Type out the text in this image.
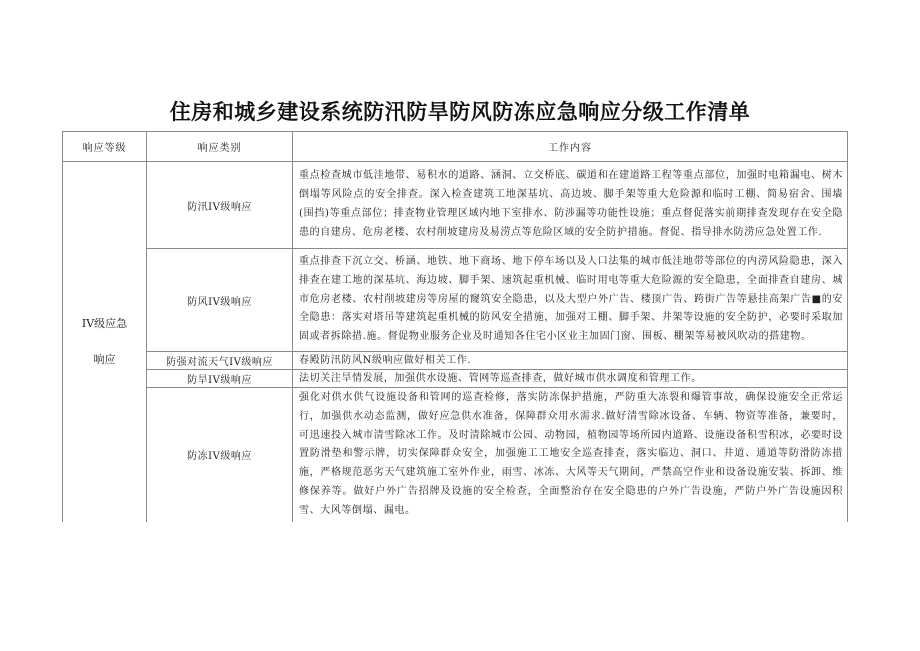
住房和城乡建设系统防汛防旱防风防冻应急响应分级工作清单
响应等级	响应类别	工作内容

IV级应急
响应	防汛IV级响应	重点检查城市低洼地带、易积水的道路、涵洞、立交桥底、碳道和在建道路工程等重点部位，加强时电箱漏电、树木倒塌等风险点的安全排查。深入检查建筑工地深基坑、高边坡、脚手架等重大危险源和临时工棚、简易宿舍、围墙(围挡)等重点部位；排查物业管理区域内地下室排水、防涉漏等功能性设施；重点督促落实前期排查发现存在安全隐患的自建房、危房老楼、农村削坡建房及易涝点等危险区域的安全防护措施。督促、指导排水防涝应急处置工作.
	防风IV级响应	重点排查下沉立交、桥涵、地铁、地下商场、地下停车场以及人口法集的城市低洼地带等部位的内涝风险隐患，深入排查在建工地的深基坑、海边坡、脚手架、速筑起重机械、临时用电等重大危险源的安全隐患，全面排查自建房、城市危房老楼、农村削坡建房等房屋的窿筑安全隐患，以及大型户外广告、楼顶广告、跨街广告等悬挂高架广告■的安全隐患：落实对塔吊等建筑起重机械的防风安全措施，加强对工棚、脚手架、井架等设施的安全防护，必要时采取加固或者拆除措.施。督促物业服务企业及时通知各住宅小区业主加固门窗、围板、棚架等易被风吹动的搭建物。
	防强对流天气IV级响应	春殿防汛防风N级响应做好相关工作.
	防旱IV级响应	法切关注旱情发展，加强供水设施、管网等巡查排查，做好城市供水调度和管理工作。
	防冻IV级响应	强化对供水供气设施设备和管网的巡查检修，落实防冻保护措施，严防重大冻裂和爆管事故，确保设施安全正常运行，加强供水动态监测，做好应急供水准备，保障群众用水需求.做好清雪除冰设备、车辆、物资等准备，兼要时，可迅速投入城市清雪除冰工作。及时清除城市公园、动物园，植物园等场所园内道路、设施设备积雪积冰，必要时设置防滑垫和警示牌，切实保障群众安全，加强施工工地安全巡查排查，落实临边、洞口、井道、通道等防滑防冻措施，严格规范恶劣天气建筑施工室外作业，雨雪、冰冻、大风等天气期间，严禁高空作业和设备设施安装、拆卸、维修保养等。做好户外广告招牌及设施的安全检查，全面整治存在安全隐患的户外广告设施，严防户外广告设施因积雪、大风等倒塌、漏电。
